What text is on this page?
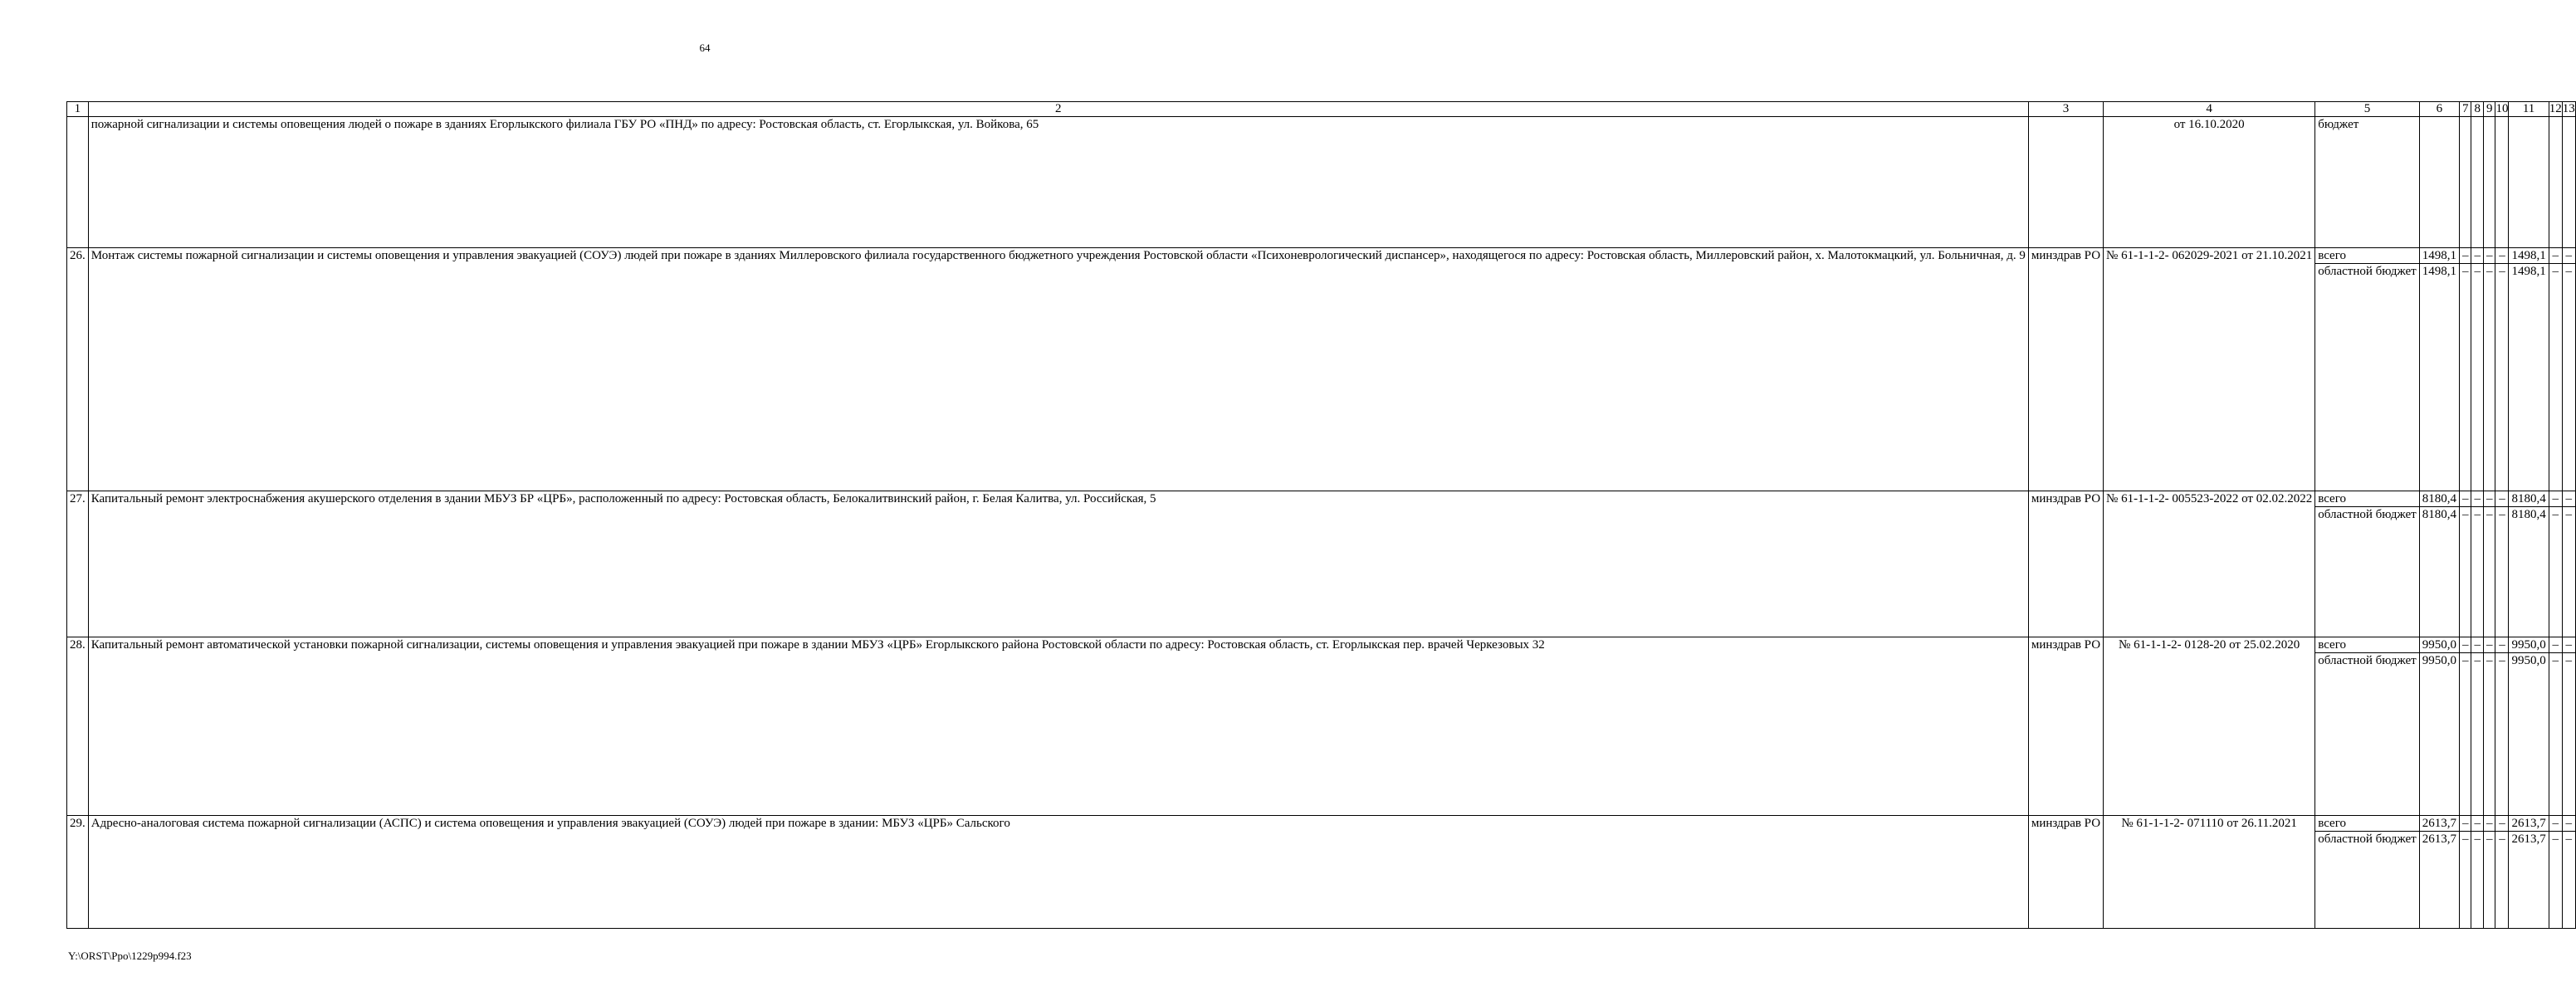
64
1	2	3	4	5	6	7	8	9	10	11	12	13
	пожарной сигнализации и системы оповещения людей о пожаре в зданиях Егорлыкского филиала ГБУ РО «ПНД» по адресу: Ростовская область, ст. Егорлыкская, ул. Войкова, 65		от 16.10.2020	бюджет								
26.	Монтаж системы пожарной сигнализации и системы оповещения и управления эвакуацией (СОУЭ) людей при пожаре в зданиях Миллеровского филиала государственного бюджетного учреждения Ростовской области «Психоневрологический диспансер», находящегося по адресу: Ростовская область, Миллеровский район, х. Малотокмацкий, ул. Больничная, д. 9	минздрав РО	№ 61-1-1-2- 062029-2021 от 21.10.2021	всего	1498,1	–	–	–	–	1498,1	–	–
				областной бюджет	1498,1	–	–	–	–	1498,1	–	–
27.	Капитальный ремонт электроснабжения акушерского отделения в здании МБУЗ БР «ЦРБ», расположенный по адресу: Ростовская область, Белокалитвинский район, г. Белая Калитва, ул. Российская, 5	минздрав РО	№ 61-1-1-2- 005523-2022 от 02.02.2022	всего	8180,4	–	–	–	–	8180,4	–	–
				областной бюджет	8180,4	–	–	–	–	8180,4	–	–
28.	Капитальный ремонт автоматической установки пожарной сигнализации, системы оповещения и управления эвакуацией при пожаре в здании МБУЗ «ЦРБ» Егорлыкского района Ростовской области по адресу: Ростовская область, ст. Егорлыкская пер. врачей Черкезовых 32	минздрав РО	№ 61-1-1-2- 0128-20 от 25.02.2020	всего	9950,0	–	–	–	–	9950,0	–	–
				областной бюджет	9950,0	–	–	–	–	9950,0	–	–
29.	Адресно-аналоговая система пожарной сигнализации (АСПС) и система оповещения и управления эвакуацией (СОУЭ) людей при пожаре в здании: МБУЗ «ЦРБ» Сальского	минздрав РО	№ 61-1-1-2- 071110 от 26.11.2021	всего	2613,7	–	–	–	–	2613,7	–	–
				областной бюджет	2613,7	–	–	–	–	2613,7	–	–
Y:\ORST\Ppo\1229p994.f23
